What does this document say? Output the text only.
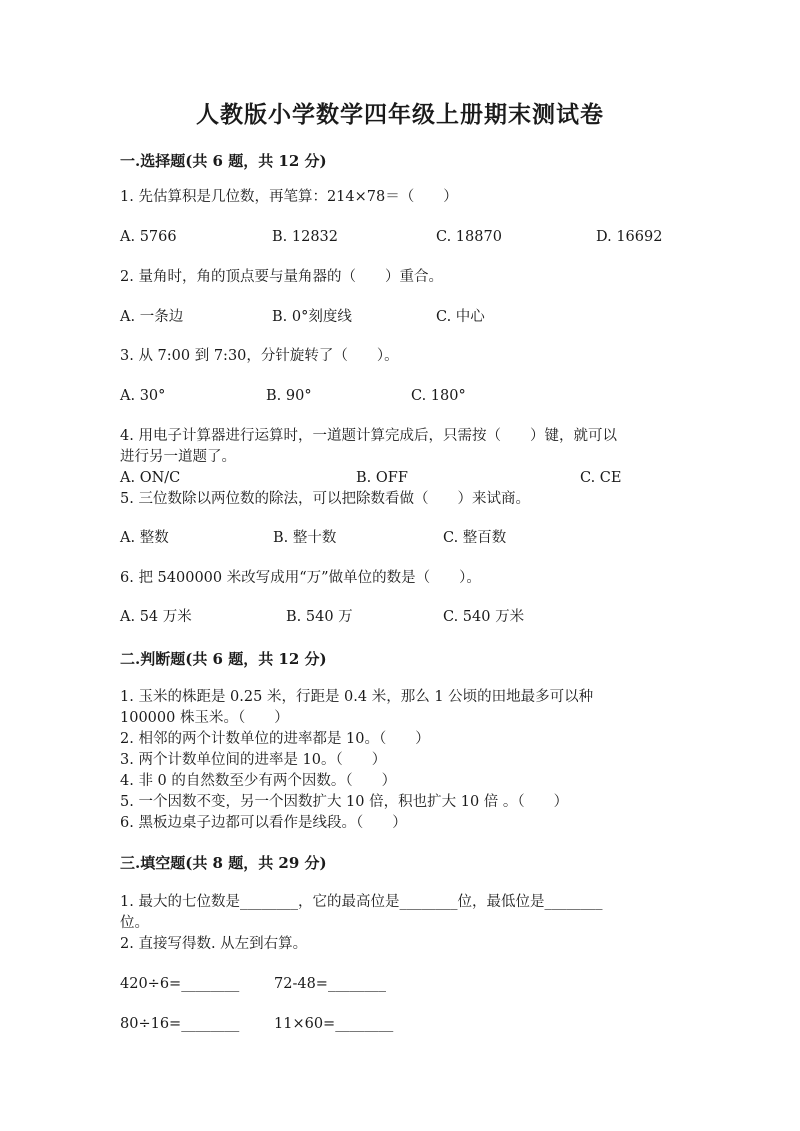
人教版小学数学四年级上册期末测试卷
一.选择题(共 6 题，共 12 分)
1. 先估算积是几位数，再笔算：214×78＝（　　）
A. 5766	B. 12832	C. 18870	D. 16692
2. 量角时，角的顶点要与量角器的（　　）重合。
A. 一条边	B. 0°刻度线	C. 中心
3. 从 7:00 到 7:30，分针旋转了（　　）。
A. 30°	B. 90°	C. 180°
4. 用电子计算器进行运算时，一道题计算完成后，只需按（　　）键，就可以
进行另一道题了。
A. ON/C	B. OFF	C. CE
5. 三位数除以两位数的除法，可以把除数看做（　　）来试商。
A. 整数	B. 整十数	C. 整百数
6. 把 5400000 米改写成用“万”做单位的数是（　　）。
A. 54 万米	B. 540 万	C. 540 万米
二.判断题(共 6 题，共 12 分)
1. 玉米的株距是 0.25 米，行距是 0.4 米，那么 1 公顷的田地最多可以种
100000 株玉米。（　　）
2. 相邻的两个计数单位的进率都是 10。（　　）
3. 两个计数单位间的进率是 10。（　　）
4. 非 0 的自然数至少有两个因数。（　　）
5. 一个因数不变，另一个因数扩大 10 倍，积也扩大 10 倍 。（　　）
6. 黑板边桌子边都可以看作是线段。（　　）
三.填空题(共 8 题，共 29 分)
1. 最大的七位数是________，它的最高位是________位，最低位是________
位。
2. 直接写得数. 从左到右算。
420÷6=________ 72-48=________
80÷16=________ 11×60=________
